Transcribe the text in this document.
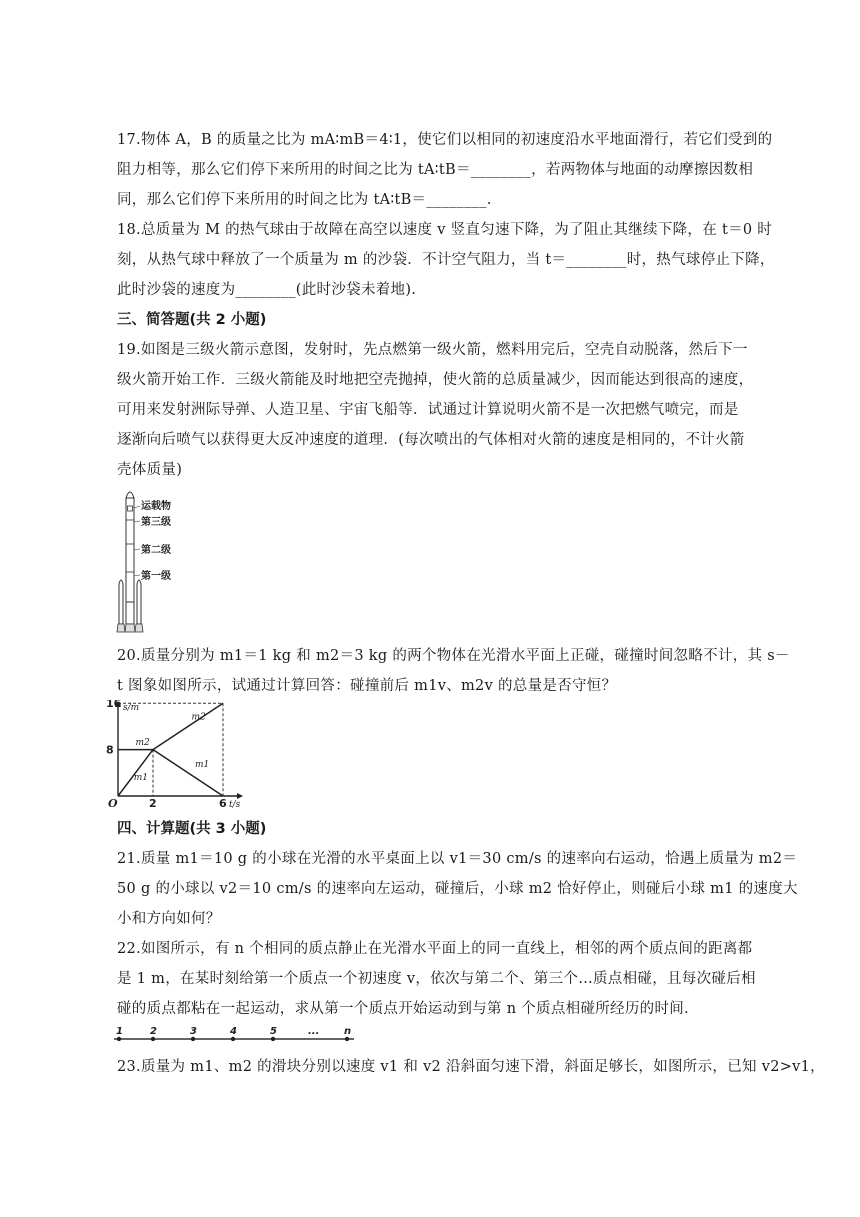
17.物体 A，B 的质量之比为 mA∶mB＝4∶1，使它们以相同的初速度沿水平地面滑行，若它们受到的
阻力相等，那么它们停下来所用的时间之比为 tA∶tB＝________，若两物体与地面的动摩擦因数相
同，那么它们停下来所用的时间之比为 tA∶tB＝________.
18.总质量为 M 的热气球由于故障在高空以速度 v 竖直匀速下降，为了阻止其继续下降，在 t＝0 时
刻，从热气球中释放了一个质量为 m 的沙袋．不计空气阻力，当 t＝________时，热气球停止下降，
此时沙袋的速度为________(此时沙袋未着地).
三、简答题(共 2 小题)
19.如图是三级火箭示意图，发射时，先点燃第一级火箭，燃料用完后，空壳自动脱落，然后下一
级火箭开始工作．三级火箭能及时地把空壳抛掉，使火箭的总质量减少，因而能达到很高的速度，
可用来发射洲际导弹、人造卫星、宇宙飞船等．试通过计算说明火箭不是一次把燃气喷完，而是
逐渐向后喷气以获得更大反冲速度的道理．(每次喷出的气体相对火箭的速度是相同的，不计火箭
壳体质量)
运载物
第三级
第二级
第一级
20.质量分别为 m1＝1 kg 和 m2＝3 kg 的两个物体在光滑水平面上正碰，碰撞时间忽略不计，其 s－
t 图象如图所示，试通过计算回答：碰撞前后 m1v、m2v 的总量是否守恒？
m2
m2
m1
m1
8
16
2	6
O
s/m
t/s
四、计算题(共 3 小题)
21.质量 m1＝10 g 的小球在光滑的水平桌面上以 v1＝30 cm/s 的速率向右运动，恰遇上质量为 m2＝
50 g 的小球以 v2＝10 cm/s 的速率向左运动，碰撞后，小球 m2 恰好停止，则碰后小球 m1 的速度大
小和方向如何？
22.如图所示，有 n 个相同的质点静止在光滑水平面上的同一直线上，相邻的两个质点间的距离都
是 1 m，在某时刻给第一个质点一个初速度 v，依次与第二个、第三个…质点相碰，且每次碰后相
碰的质点都粘在一起运动，求从第一个质点开始运动到与第 n 个质点相碰所经历的时间.
1	2	3	4	5	... n
23.质量为 m1、m2 的滑块分别以速度 v1 和 v2 沿斜面匀速下滑，斜面足够长，如图所示，已知 v2>v1，
